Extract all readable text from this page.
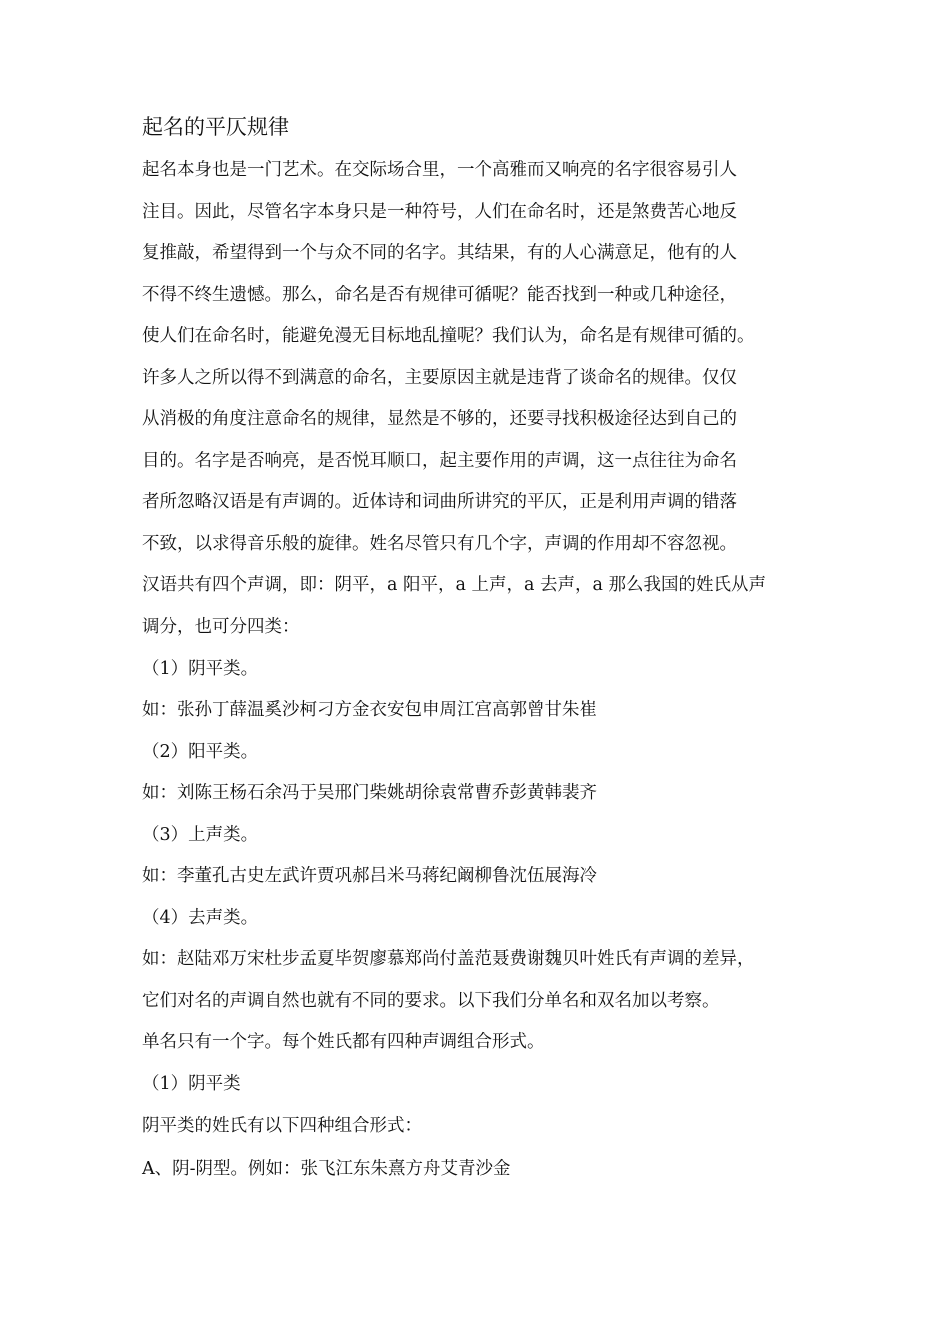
起名的平仄规律
起名本身也是一门艺术。在交际场合里，一个高雅而又响亮的名字很容易引人
注目。因此，尽管名字本身只是一种符号，人们在命名时，还是煞费苦心地反
复推敲，希望得到一个与众不同的名字。其结果，有的人心满意足，他有的人
不得不终生遗憾。那么，命名是否有规律可循呢？能否找到一种或几种途径，
使人们在命名时，能避免漫无目标地乱撞呢？我们认为，命名是有规律可循的。
许多人之所以得不到满意的命名，主要原因主就是违背了谈命名的规律。仅仅
从消极的角度注意命名的规律，显然是不够的，还要寻找积极途径达到自己的
目的。名字是否响亮，是否悦耳顺口，起主要作用的声调，这一点往往为命名
者所忽略汉语是有声调的。近体诗和词曲所讲究的平仄，正是利用声调的错落
不致，以求得音乐般的旋律。姓名尽管只有几个字，声调的作用却不容忽视。
汉语共有四个声调，即：阴平，a 阳平，a 上声，a 去声，a 那么我国的姓氏从声
调分，也可分四类：
（1）阴平类。
如：张孙丁薛温奚沙柯刁方金衣安包申周江宫高郭曾甘朱崔
（2）阳平类。
如：刘陈王杨石余冯于吴邢门柴姚胡徐袁常曹乔彭黄韩裴齐
（3）上声类。
如：李董孔古史左武许贾巩郝吕米马蒋纪阚柳鲁沈伍展海冷
（4）去声类。
如：赵陆邓万宋杜步孟夏毕贺廖慕郑尚付盖范聂费谢魏贝叶姓氏有声调的差异，
它们对名的声调自然也就有不同的要求。以下我们分单名和双名加以考察。
单名只有一个字。每个姓氏都有四种声调组合形式。
（1）阴平类
阴平类的姓氏有以下四种组合形式：
A、阴-阴型。例如：张飞江东朱熹方舟艾青沙金
